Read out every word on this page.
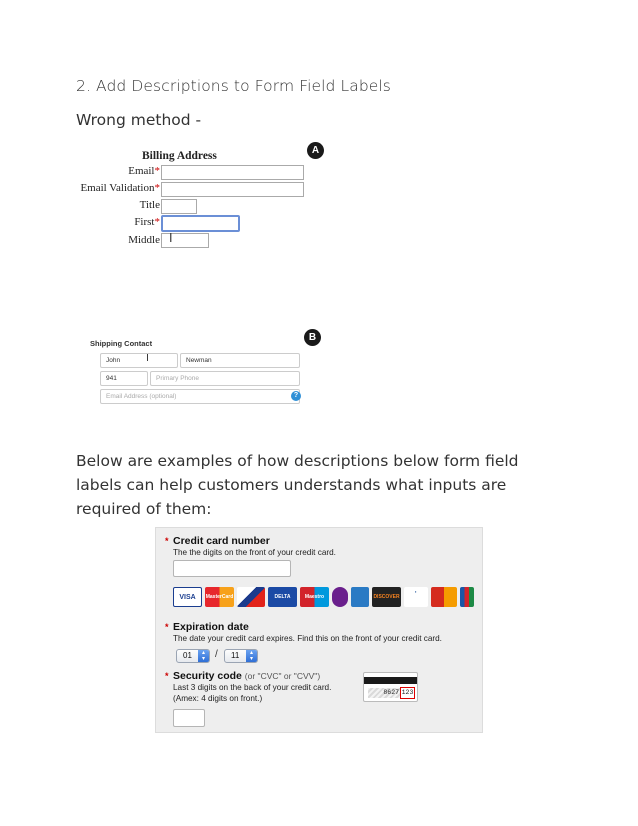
2. Add Descriptions to Form Field Labels
Wrong method -
Billing Address
Email*
Email Validation*
Title
First*
Middle I
A
Shipping Contact
John	I	Newman
941	Primary Phone
Email Address (optional)	?
B
Below are examples of how descriptions below form field labels can help customers understands what inputs are required of them:
* Credit card number
The the digits on the front of your credit card.
VISA	MasterCard	DELTA	Maestro	DISCOVER
◐
* Expiration date
The date your credit card expires. Find this on the front of your credit card.
01	▴
▾	/	11	▴
▾
* Security code (or "CVC" or "CVV")
Last 3 digits on the back of your credit card.
(Amex: 4 digits on front.)
8627 123
